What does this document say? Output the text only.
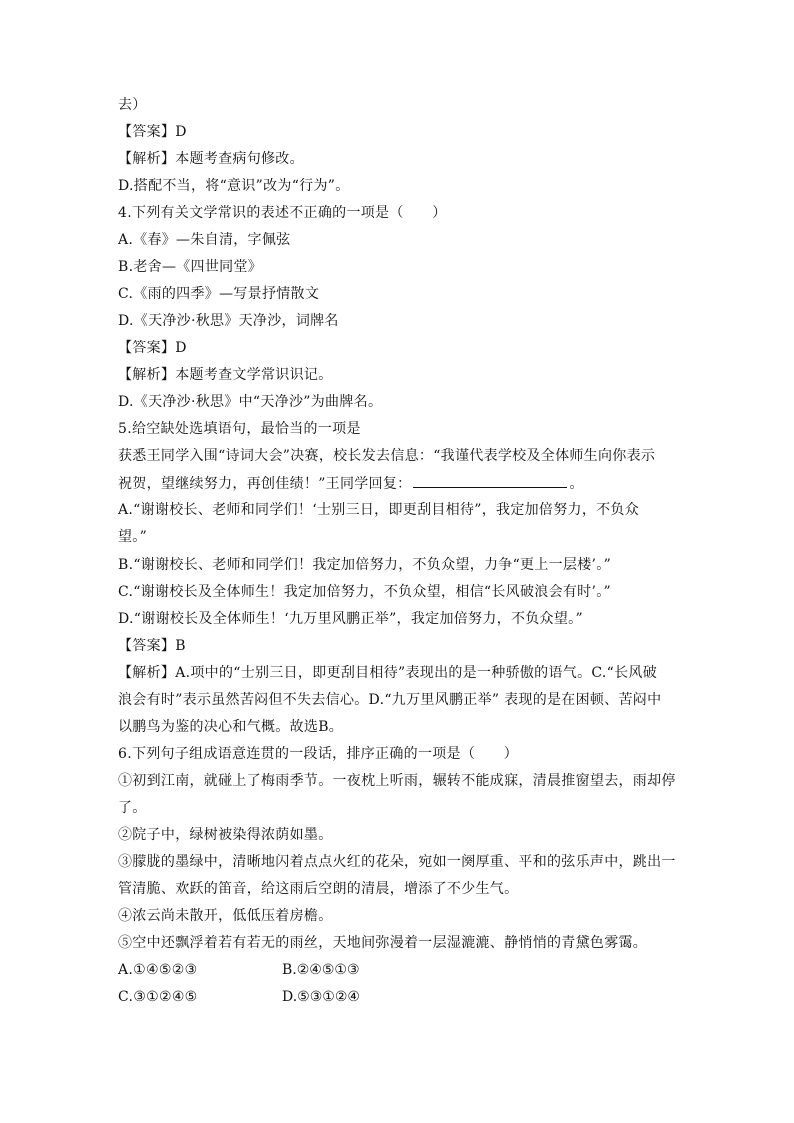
去）
【答案】D
【解析】本题考查病句修改。
D.搭配不当，将“意识”改为“行为”。
4.下列有关文学常识的表述不正确的一项是（　　）
A.《春》—朱自清，字佩弦
B.老舍—《四世同堂》
C.《雨的四季》—写景抒情散文
D.《天净沙·秋思》天净沙，词牌名
【答案】D
【解析】本题考查文学常识识记。
D.《天净沙·秋思》中“天净沙”为曲牌名。
5.给空缺处选填语句，最恰当的一项是
获悉王同学入围“诗词大会”决赛，校长发去信息：“我谨代表学校及全体师生向你表示
祝贺，望继续努力，再创佳绩！”王同学回复：	。
A.“谢谢校长、老师和同学们！‘士别三日，即更刮目相待”，我定加倍努力，不负众
望。”
B.“谢谢校长、老师和同学们！我定加倍努力，不负众望，力争“更上一层楼’。”
C.“谢谢校长及全体师生！我定加倍努力，不负众望，相信“长风破浪会有时’。”
D.“谢谢校长及全体师生！‘九万里风鹏正举”，我定加倍努力，不负众望。”
【答案】B
【解析】A.项中的“士别三日，即更刮目相待”表现出的是一种骄傲的语气。C.“长风破
浪会有时”表示虽然苦闷但不失去信心。D.“九万里风鹏正举” 表现的是在困顿、苦闷中
以鹏鸟为鉴的决心和气概。故选B。
6.下列句子组成语意连贯的一段话，排序正确的一项是（　　）
①初到江南，就碰上了梅雨季节。一夜枕上听雨，辗转不能成寐，清晨推窗望去，雨却停
了。
②院子中，绿树被染得浓荫如墨。
③朦胧的墨绿中，清晰地闪着点点火红的花朵，宛如一阕厚重、平和的弦乐声中，跳出一
管清脆、欢跃的笛音，给这雨后空朗的清晨，增添了不少生气。
④浓云尚未散开，低低压着房檐。
⑤空中还飘浮着若有若无的雨丝，天地间弥漫着一层湿漉漉、静悄悄的青黛色雾霭。
A.①④⑤②③	B.②④⑤①③
C.③①②④⑤	D.⑤③①②④
